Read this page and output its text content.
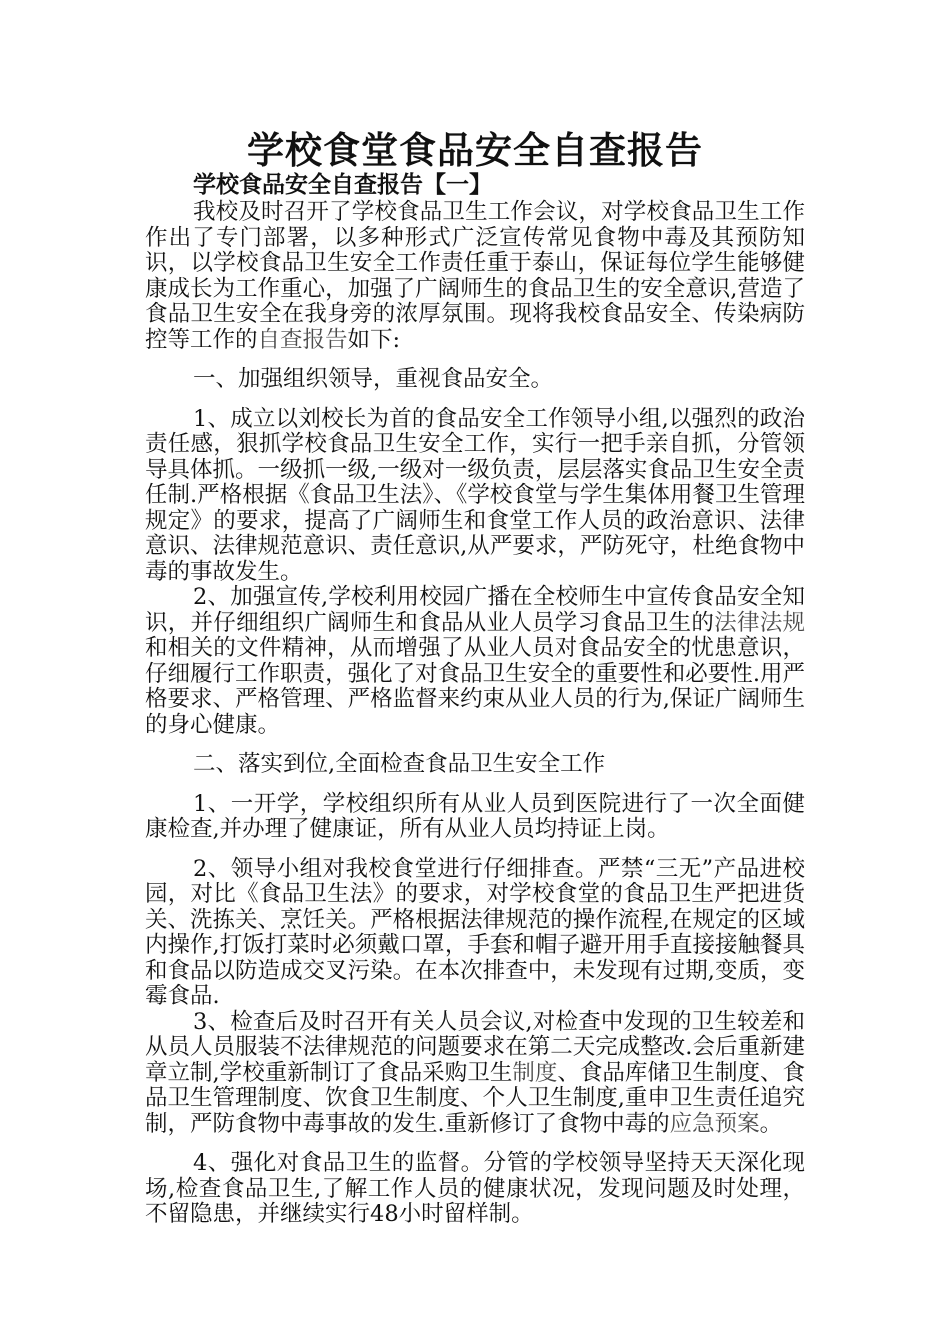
学校食堂食品安全自查报告

学校食品安全自查报告【一】

我校及时召开了学校食品卫生工作会议，对学校食品卫生工作作出了专门部署，以多种形式广泛宣传常见食物中毒及其预防知识，以学校食品卫生安全工作责任重于泰山，保证每位学生能够健康成长为工作重心，加强了广阔师生的食品卫生的安全意识,营造了食品卫生安全在我身旁的浓厚氛围。现将我校食品安全、传染病防控等工作的自查报告如下:

一、加强组织领导，重视食品安全。

1、成立以刘校长为首的食品安全工作领导小组,以强烈的政治责任感，狠抓学校食品卫生安全工作，实行一把手亲自抓，分管领导具体抓。一级抓一级,一级对一级负责，层层落实食品卫生安全责任制.严格根据《食品卫生法》、《学校食堂与学生集体用餐卫生管理规定》的要求，提高了广阔师生和食堂工作人员的政治意识、法律意识、法律规范意识、责任意识,从严要求，严防死守，杜绝食物中毒的事故发生。

2、加强宣传,学校利用校园广播在全校师生中宣传食品安全知识，并仔细组织广阔师生和食品从业人员学习食品卫生的法律法规和相关的文件精神，从而增强了从业人员对食品安全的忧患意识，仔细履行工作职责，强化了对食品卫生安全的重要性和必要性.用严格要求、严格管理、严格监督来约束从业人员的行为,保证广阔师生的身心健康。

二、落实到位,全面检查食品卫生安全工作

1、一开学，学校组织所有从业人员到医院进行了一次全面健康检查,并办理了健康证，所有从业人员均持证上岗。

2、领导小组对我校食堂进行仔细排查。严禁“三无”产品进校园，对比《食品卫生法》的要求，对学校食堂的食品卫生严把进货关、洗拣关、烹饪关。严格根据法律规范的操作流程,在规定的区域内操作,打饭打菜时必须戴口罩，手套和帽子避开用手直接接触餐具和食品以防造成交叉污染。在本次排查中，未发现有过期,变质，变霉食品.

3、检查后及时召开有关人员会议,对检查中发现的卫生较差和从员人员服装不法律规范的问题要求在第二天完成整改.会后重新建章立制,学校重新制订了食品采购卫生制度、食品库储卫生制度、食品卫生管理制度、饮食卫生制度、个人卫生制度,重申卫生责任追究制，严防食物中毒事故的发生.重新修订了食物中毒的应急预案。

4、强化对食品卫生的监督。分管的学校领导坚持天天深化现场,检查食品卫生,了解工作人员的健康状况，发现问题及时处理，不留隐患，并继续实行48小时留样制。
